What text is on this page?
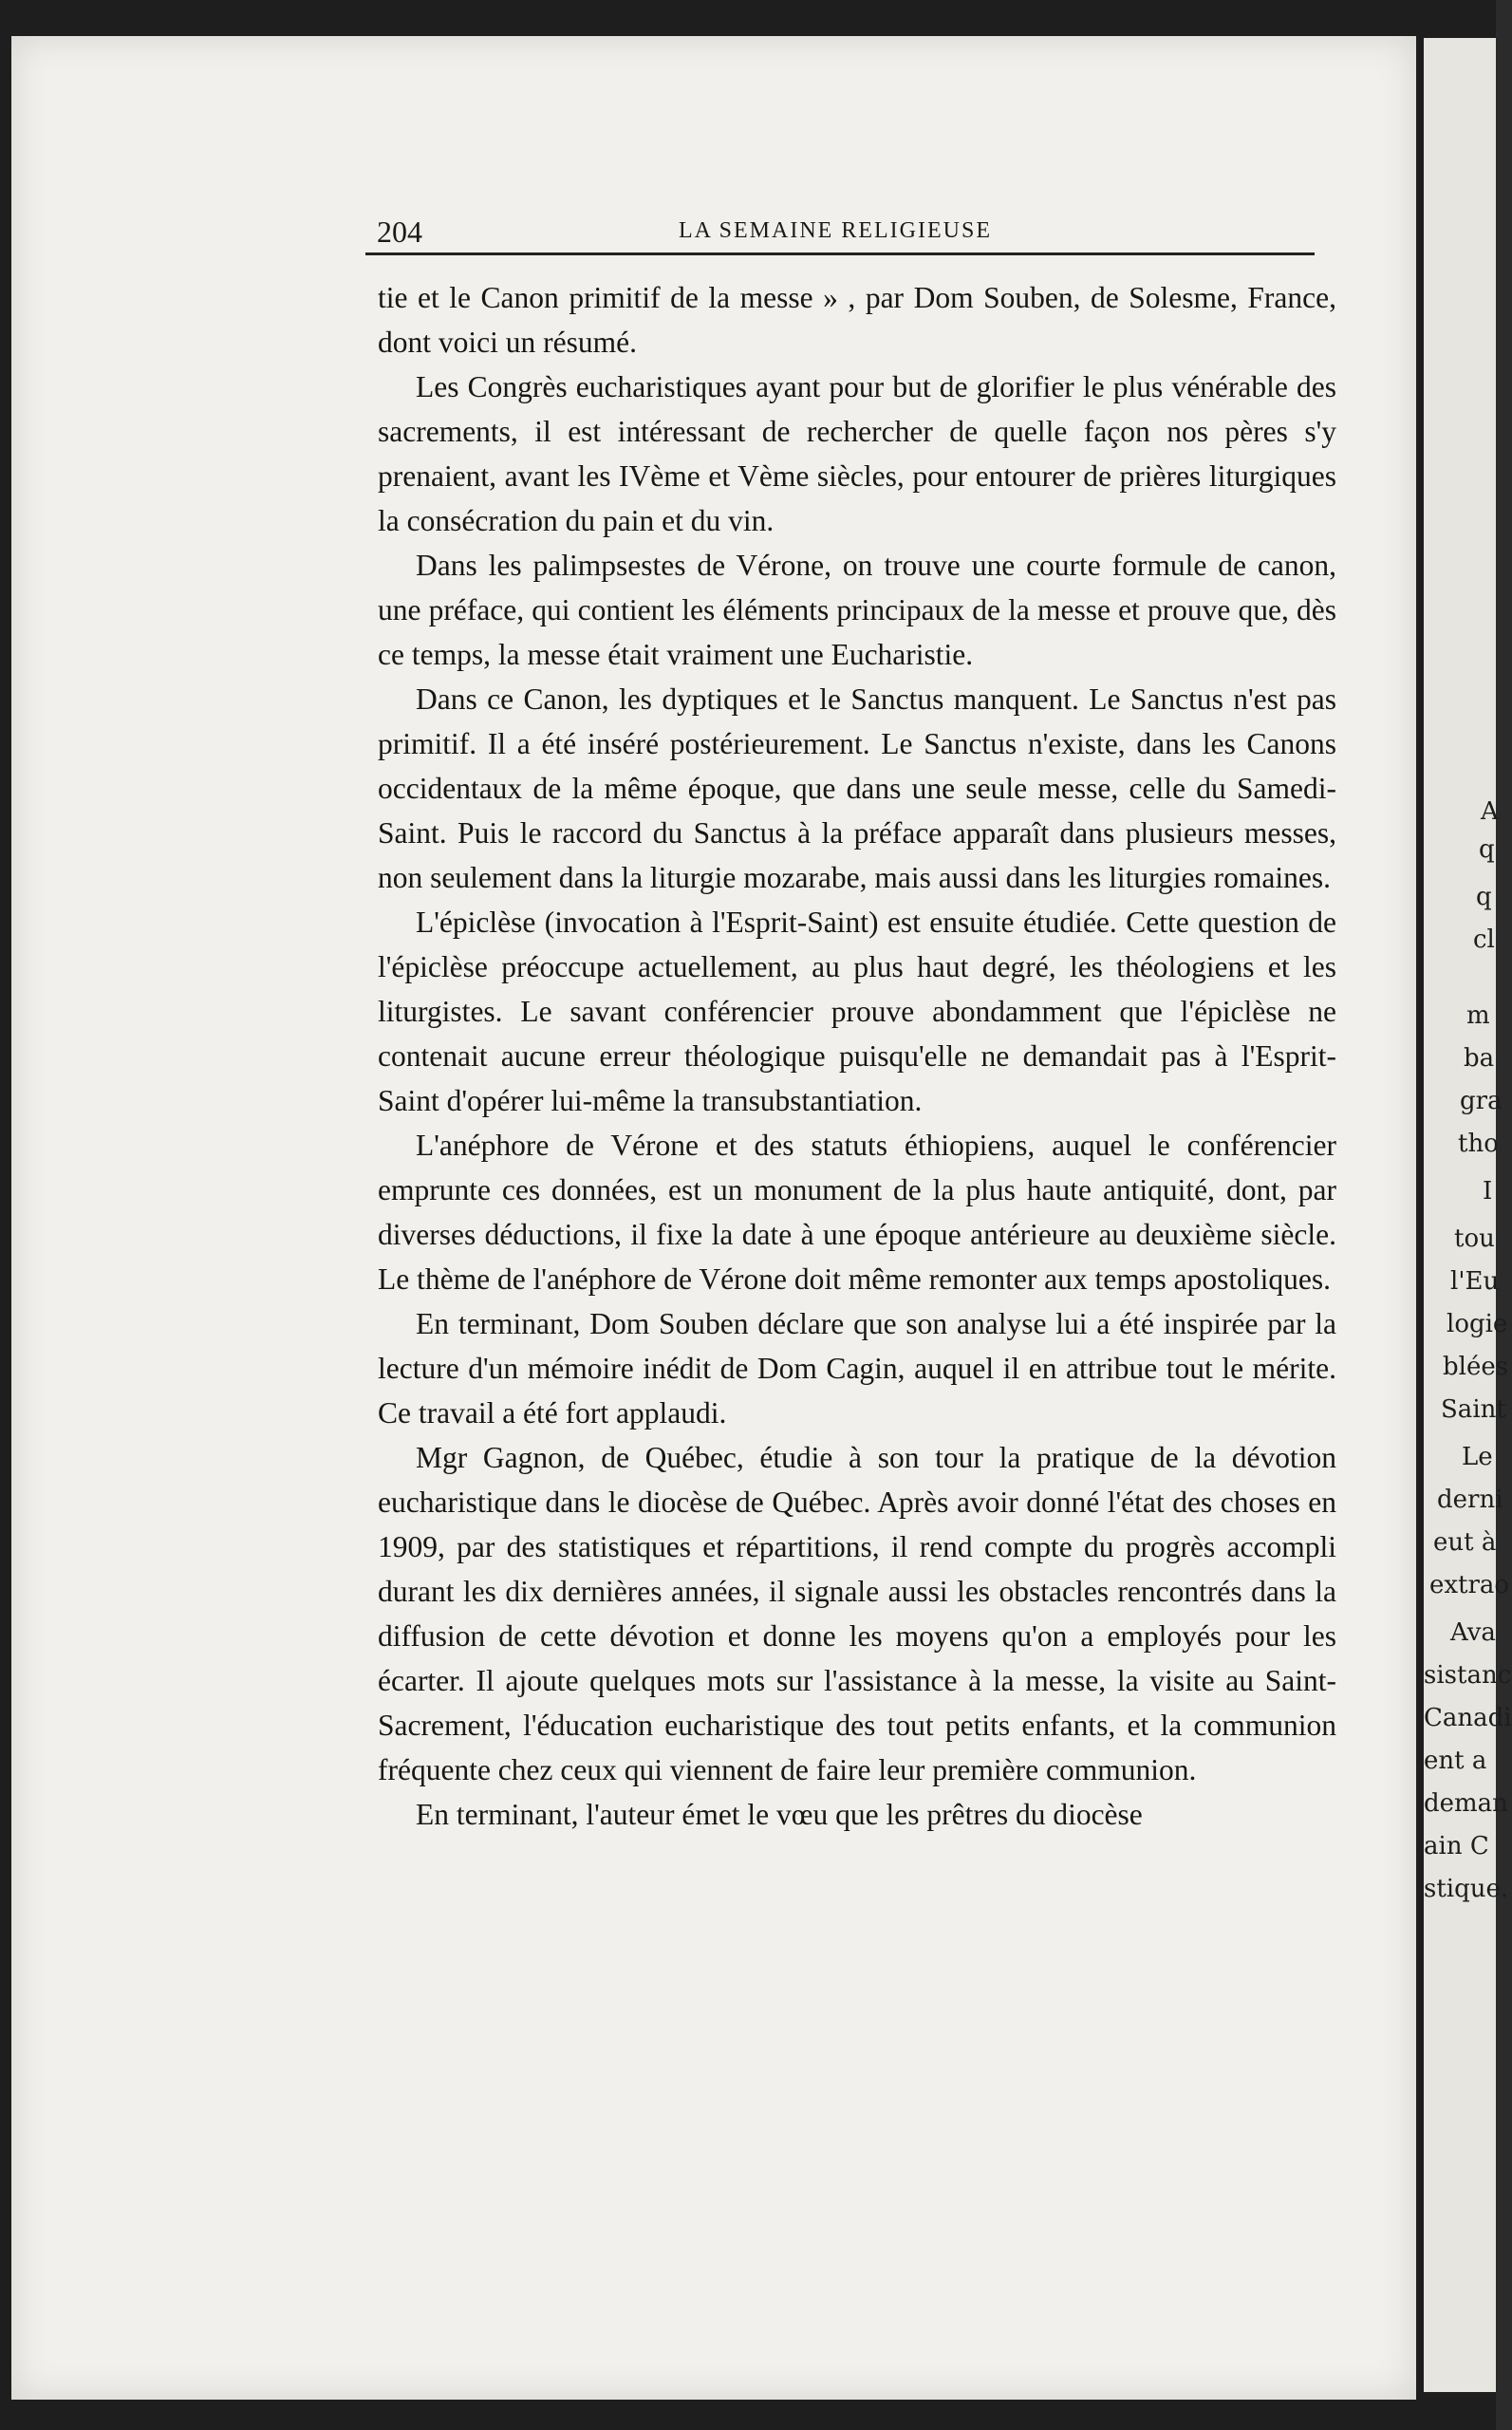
204	LA SEMAINE RELIGIEUSE

tie et le Canon primitif de la messe » , par Dom Souben, de Solesme, France, dont voici un résumé.

Les Congrès eucharistiques ayant pour but de glorifier le plus vénérable des sacrements, il est intéressant de rechercher de quelle façon nos pères s'y prenaient, avant les IVème et Vème siècles, pour entourer de prières liturgiques la consécration du pain et du vin.

Dans les palimpsestes de Vérone, on trouve une courte formule de canon, une préface, qui contient les éléments principaux de la messe et prouve que, dès ce temps, la messe était vraiment une Eucharistie.

Dans ce Canon, les dyptiques et le Sanctus manquent. Le Sanctus n'est pas primitif. Il a été inséré postérieurement. Le Sanctus n'existe, dans les Canons occidentaux de la même époque, que dans une seule messe, celle du Samedi-Saint. Puis le raccord du Sanctus à la préface apparaît dans plusieurs messes, non seulement dans la liturgie mozarabe, mais aussi dans les liturgies romaines.

L'épiclèse (invocation à l'Esprit-Saint) est ensuite étudiée. Cette question de l'épiclèse préoccupe actuellement, au plus haut degré, les théologiens et les liturgistes. Le savant conférencier prouve abondamment que l'épiclèse ne contenait aucune erreur théologique puisqu'elle ne demandait pas à l'Esprit-Saint d'opérer lui-même la transubstantiation.

L'anéphore de Vérone et des statuts éthiopiens, auquel le conférencier emprunte ces données, est un monument de la plus haute antiquité, dont, par diverses déductions, il fixe la date à une époque antérieure au deuxième siècle. Le thème de l'anéphore de Vérone doit même remonter aux temps apostoliques.

En terminant, Dom Souben déclare que son analyse lui a été inspirée par la lecture d'un mémoire inédit de Dom Cagin, auquel il en attribue tout le mérite. Ce travail a été fort applaudi.

Mgr Gagnon, de Québec, étudie à son tour la pratique de la dévotion eucharistique dans le diocèse de Québec. Après avoir donné l'état des choses en 1909, par des statistiques et répartitions, il rend compte du progrès accompli durant les dix dernières années, il signale aussi les obstacles rencontrés dans la diffusion de cette dévotion et donne les moyens qu'on a employés pour les écarter. Il ajoute quelques mots sur l'assistance à la messe, la visite au Saint-Sacrement, l'éducation eucharistique des tout petits enfants, et la communion fréquente chez ceux qui viennent de faire leur première communion.

En terminant, l'auteur émet le vœu que les prêtres du diocèse

A
q
q
cl
m
ba
gra
tho
I
tou
l'Eu
logie
blées
Saint
Le
derni
eut à
extrao
Ava
sistanc
Canadi
ent a
deman
ain C
stique.
